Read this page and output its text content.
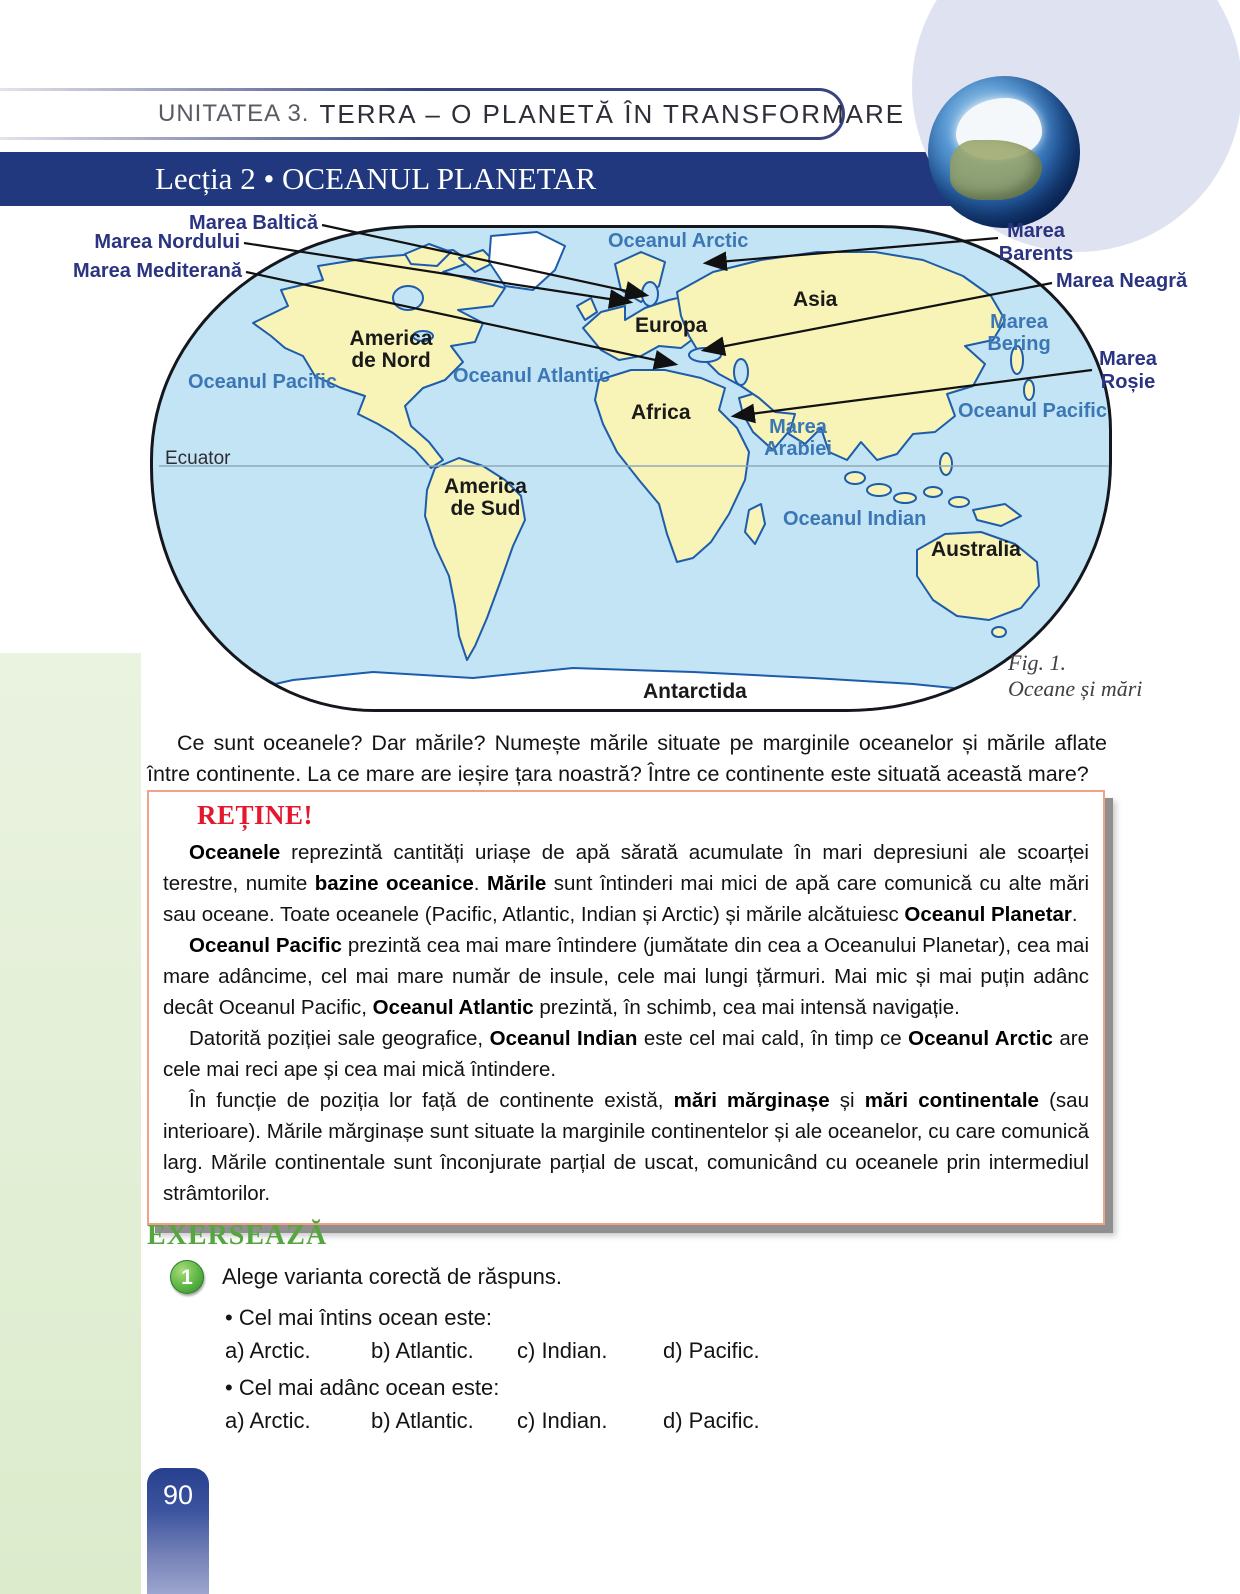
UNITATEA 3. TERRA – O PLANETĂ ÎN TRANSFORMARE
Lecția 2 • OCEANUL PLANETAR
Oceanul Arctic
Europa
Asia
America de Nord
Oceanul Pacific	Oceanul Atlantic
Africa
Marea Arabiei
Marea Bering
Oceanul Pacific
Ecuator
America de Sud	Oceanul Indian
Australia
Antarctida
Marea Baltică
Marea Nordului
Marea Mediterană
Marea Barents
Marea Neagră
Marea Roșie
Fig. 1.
Oceane și mări

Ce sunt oceanele? Dar mările? Numește mările situate pe marginile oceanelor și mările aflate între continente. La ce mare are ieșire țara noastră? Între ce continente este situată această mare?

REȚINE!

Oceanele reprezintă cantități uriașe de apă sărată acumulate în mari depresiuni ale scoarței terestre, numite bazine oceanice. Mările sunt întinderi mai mici de apă care comunică cu alte mări sau oceane. Toate oceanele (Pacific, Atlantic, Indian și Arctic) și mările alcătuiesc Oceanul Planetar.

Oceanul Pacific prezintă cea mai mare întindere (jumătate din cea a Oceanului Planetar), cea mai mare adâncime, cel mai mare număr de insule, cele mai lungi țărmuri. Mai mic și mai puțin adânc decât Oceanul Pacific, Oceanul Atlantic prezintă, în schimb, cea mai intensă navigație.

Datorită poziției sale geografice, Oceanul Indian este cel mai cald, în timp ce Oceanul Arctic are cele mai reci ape și cea mai mică întindere.

În funcție de poziția lor față de continente există, mări mărginașe și mări continentale (sau interioare). Mările mărginașe sunt situate la marginile continentelor și ale oceanelor, cu care comunică larg. Mările continentale sunt înconjurate parțial de uscat, comunicând cu oceanele prin intermediul strâmtorilor.

EXERSEAZĂ
1	Alege varianta corectă de răspuns.
• Cel mai întins ocean este:
a) Arctic.	b) Atlantic.	c) Indian.	d) Pacific.
• Cel mai adânc ocean este:
a) Arctic.	b) Atlantic.	c) Indian.	d) Pacific.
90
